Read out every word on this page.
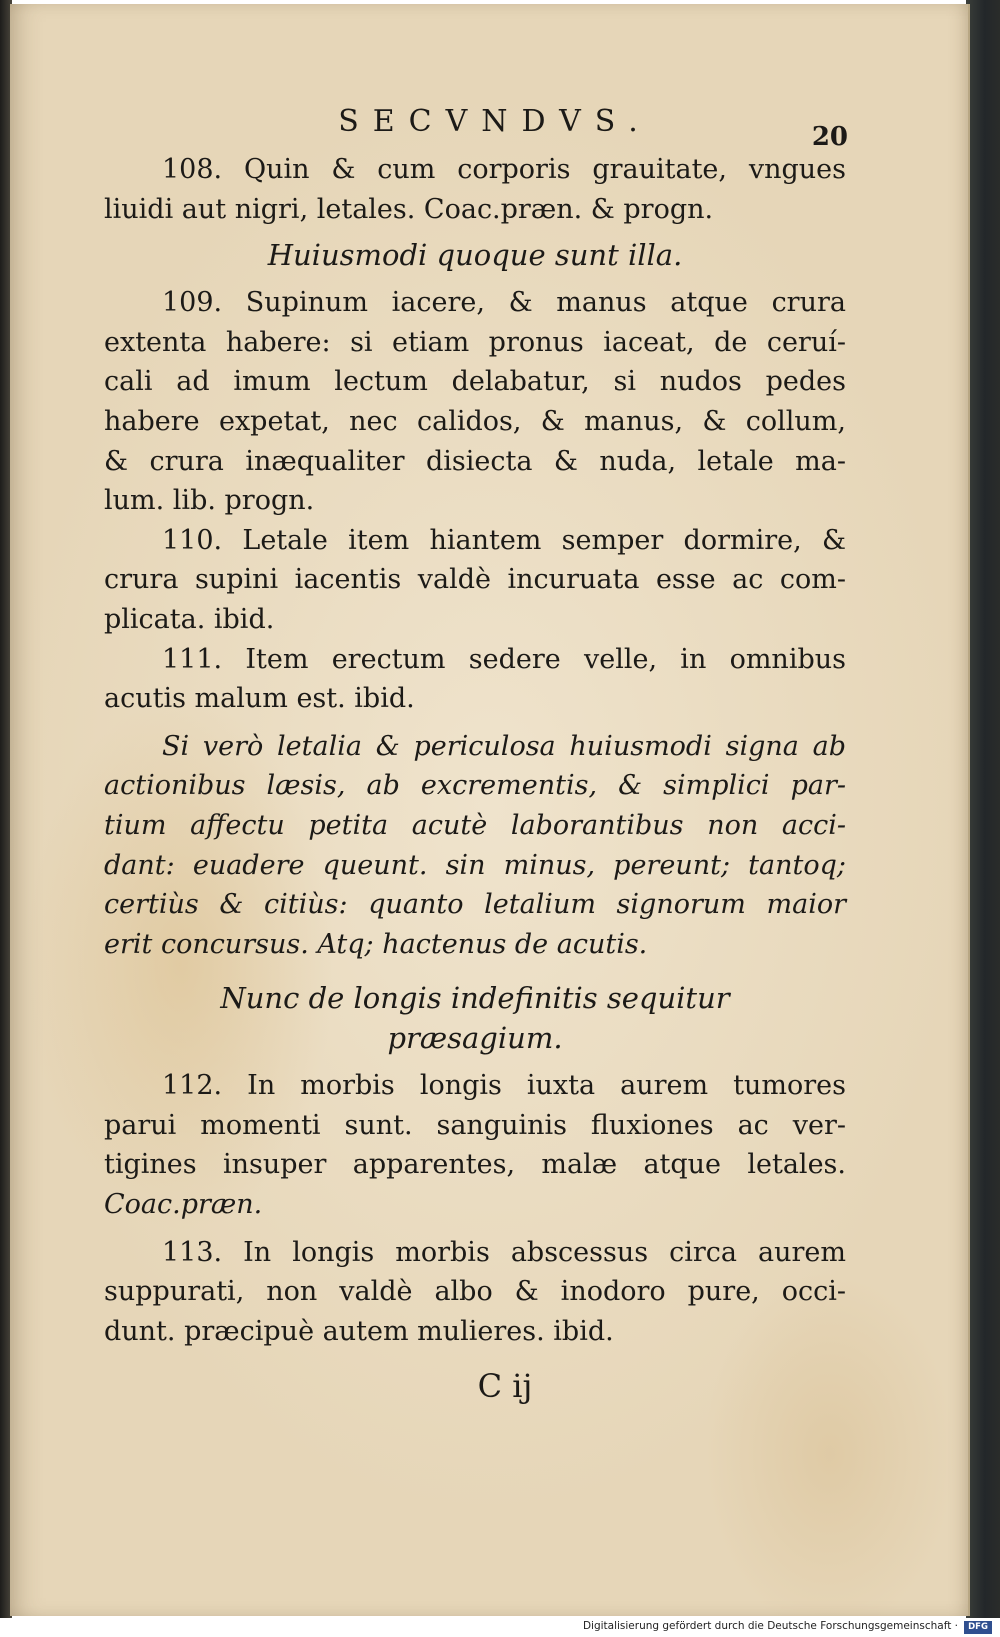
SECVNDVS.	20

108. Quin & cum corporis grauitate, vngues
liuidi aut nigri, letales. Coac.præn. & progn.

Huiusmodi quoque sunt illa.

109. Supinum iacere, & manus atque crura
extenta habere: si etiam pronus iaceat, de ceruí-
cali ad imum lectum delabatur, si nudos pedes
habere expetat, nec calidos, & manus, & collum,
& crura inæqualiter disiecta & nuda, letale ma-
lum. lib. progn.

110. Letale item hiantem semper dormire, &
crura supini iacentis valdè incuruata esse ac com-
plicata. ibid.

111. Item erectum sedere velle, in omnibus
acutis malum est. ibid.

Si verò letalia & periculosa huiusmodi signa ab
actionibus læsis, ab excrementis, & simplici par-
tium affectu petita acutè laborantibus non acci-
dant: euadere queunt. sin minus, pereunt; tantoq;
certiùs & citiùs: quanto letalium signorum maior
erit concursus. Atq; hactenus de acutis.

Nunc de longis indefinitis sequitur
præsagium.

112. In morbis longis iuxta aurem tumores
parui momenti sunt. sanguinis fluxiones ac ver-
tigines insuper apparentes, malæ atque letales.
Coac.præn.

113. In longis morbis abscessus circa aurem
suppurati, non valdè albo & inodoro pure, occi-
dunt. præcipuè autem mulieres. ibid.

C ij
Digitalisierung gefördert durch die Deutsche Forschungsgemeinschaft ·	DFG
